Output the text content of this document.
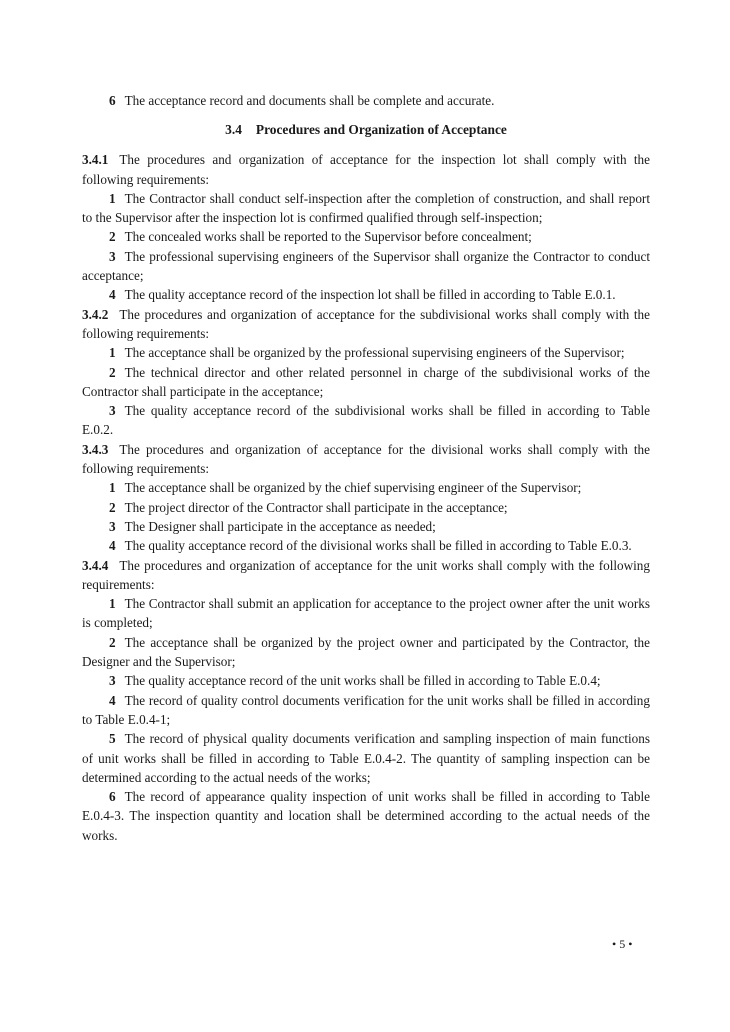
6 The acceptance record and documents shall be complete and accurate.

3.4 Procedures and Organization of Acceptance

3.4.1 The procedures and organization of acceptance for the inspection lot shall comply with the following requirements:

1 The Contractor shall conduct self-inspection after the completion of construction, and shall report to the Supervisor after the inspection lot is confirmed qualified through self-inspection;

2 The concealed works shall be reported to the Supervisor before concealment;

3 The professional supervising engineers of the Supervisor shall organize the Contractor to conduct acceptance;

4 The quality acceptance record of the inspection lot shall be filled in according to Table E.0.1.

3.4.2 The procedures and organization of acceptance for the subdivisional works shall comply with the following requirements:

1 The acceptance shall be organized by the professional supervising engineers of the Supervisor;

2 The technical director and other related personnel in charge of the subdivisional works of the Contractor shall participate in the acceptance;

3 The quality acceptance record of the subdivisional works shall be filled in according to Table E.0.2.

3.4.3 The procedures and organization of acceptance for the divisional works shall comply with the following requirements:

1 The acceptance shall be organized by the chief supervising engineer of the Supervisor;

2 The project director of the Contractor shall participate in the acceptance;

3 The Designer shall participate in the acceptance as needed;

4 The quality acceptance record of the divisional works shall be filled in according to Table E.0.3.

3.4.4 The procedures and organization of acceptance for the unit works shall comply with the following requirements:

1 The Contractor shall submit an application for acceptance to the project owner after the unit works is completed;

2 The acceptance shall be organized by the project owner and participated by the Contractor, the Designer and the Supervisor;

3 The quality acceptance record of the unit works shall be filled in according to Table E.0.4;

4 The record of quality control documents verification for the unit works shall be filled in according to Table E.0.4-1;

5 The record of physical quality documents verification and sampling inspection of main functions of unit works shall be filled in according to Table E.0.4-2. The quantity of sampling inspection can be determined according to the actual needs of the works;

6 The record of appearance quality inspection of unit works shall be filled in according to Table E.0.4-3. The inspection quantity and location shall be determined according to the actual needs of the works.

• 5 •
